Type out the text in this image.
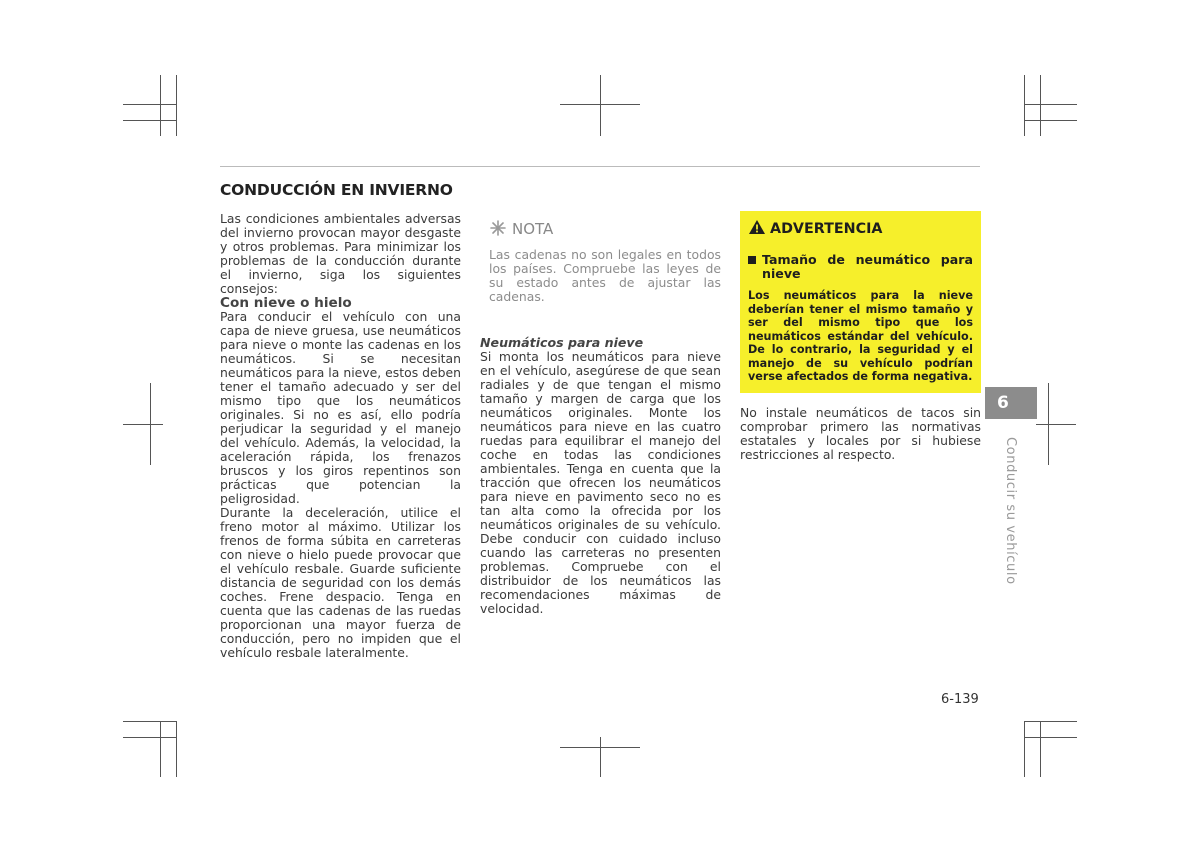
CONDUCCIÓN EN INVIERNO

Las condiciones ambientales adversas del invierno provocan mayor desgaste y otros problemas. Para minimizar los problemas de la conducción durante el invierno, siga los siguientes consejos:

Con nieve o hielo

Para conducir el vehículo con una capa de nieve gruesa, use neumáticos para nieve o monte las cadenas en los neumáticos. Si se necesitan neumáticos para la nieve, estos deben tener el tamaño adecuado y ser del mismo tipo que los neumáticos originales. Si no es así, ello podría perjudicar la seguridad y el manejo del vehículo. Además, la velocidad, la aceleración rápida, los frenazos bruscos y los giros repentinos son prácticas que potencian la peligrosidad.

Durante la deceleración, utilice el freno motor al máximo. Utilizar los frenos de forma súbita en carreteras con nieve o hielo puede provocar que el vehículo resbale. Guarde suficiente distancia de seguridad con los demás coches. Frene despacio. Tenga en cuenta que las cadenas de las ruedas proporcionan una mayor fuerza de conducción, pero no impiden que el vehículo resbale lateralmente.

NOTA

Las cadenas no son legales en todos los países. Compruebe las leyes de su estado antes de ajustar las cadenas.

Neumáticos para nieve

Si monta los neumáticos para nieve en el vehículo, asegúrese de que sean radiales y de que tengan el mismo tamaño y margen de carga que los neumáticos originales. Monte los neumáticos para nieve en las cuatro ruedas para equilibrar el manejo del coche en todas las condiciones ambientales. Tenga en cuenta que la tracción que ofrecen los neumáticos para nieve en pavimento seco no es tan alta como la ofrecida por los neumáticos originales de su vehículo. Debe conducir con cuidado incluso cuando las carreteras no presenten problemas. Compruebe con el distribuidor de los neumáticos las recomendaciones máximas de velocidad.

ADVERTENCIA
Tamaño de neumático para nieve

Los neumáticos para la nieve deberían tener el mismo tamaño y ser del mismo tipo que los neumáticos estándar del vehículo. De lo contrario, la seguridad y el manejo de su vehículo podrían verse afectados de forma negativa.

No instale neumáticos de tacos sin comprobar primero las normativas estatales y locales por si hubiese restricciones al respecto.

6
Conducir su vehículo
6-139
